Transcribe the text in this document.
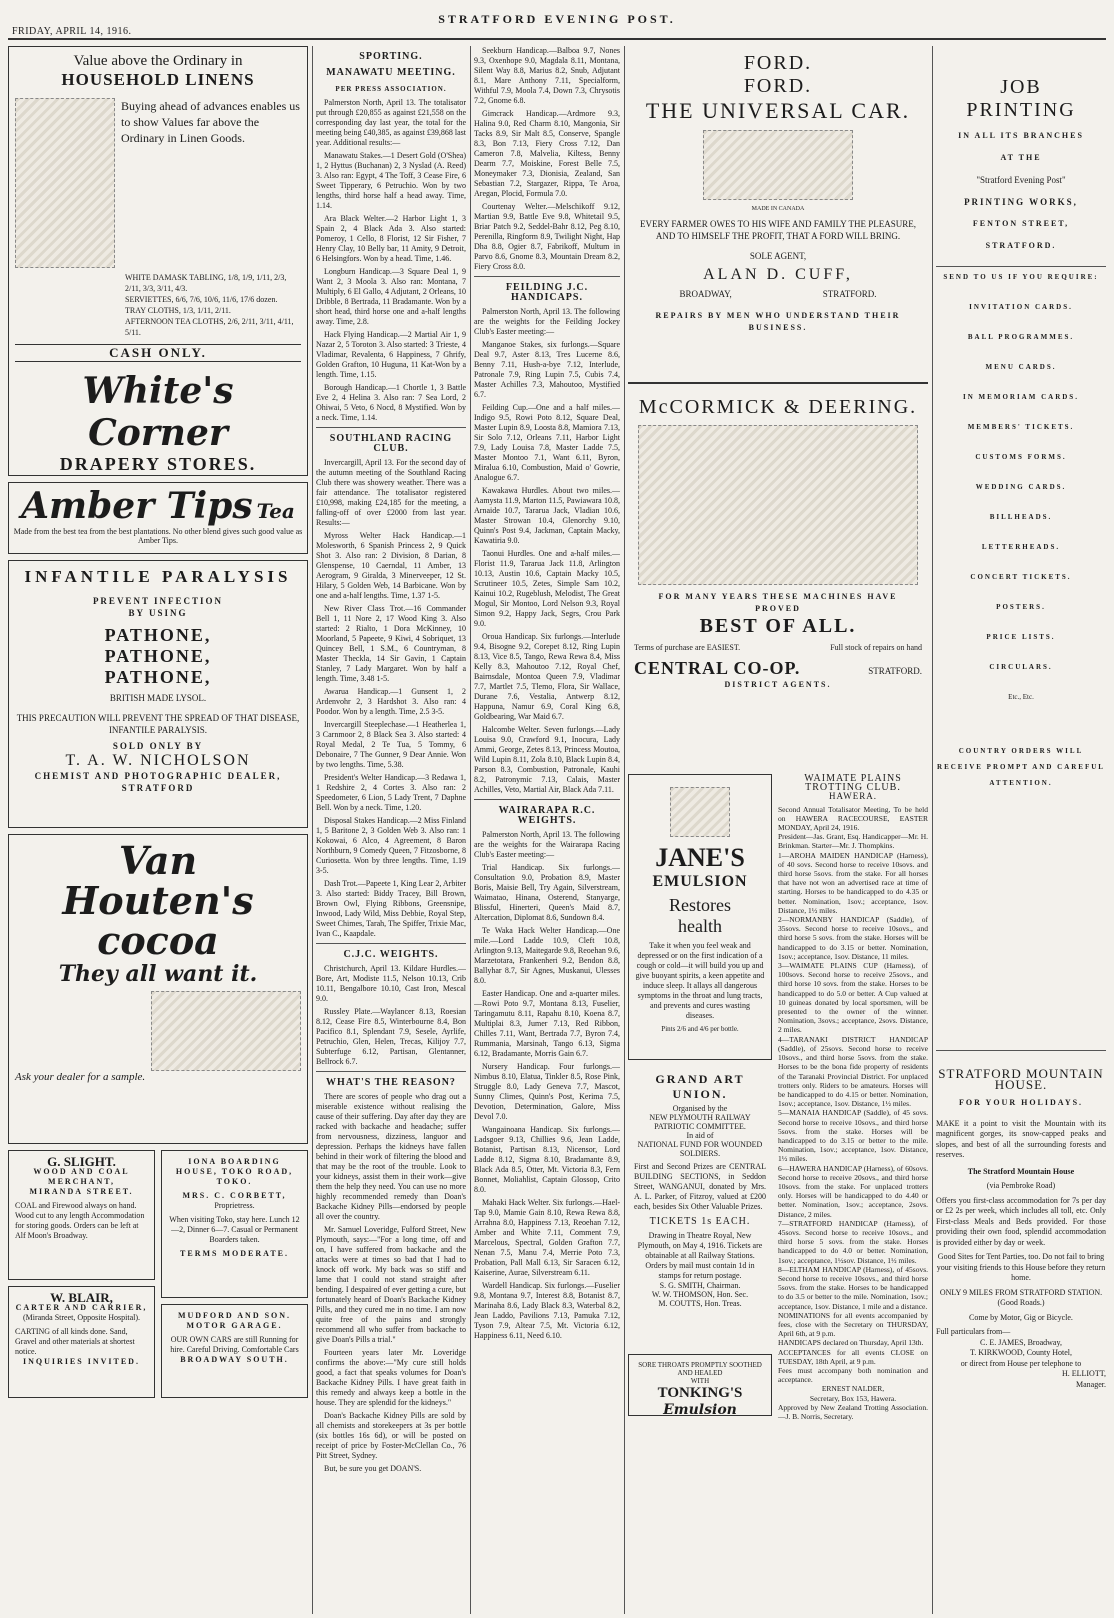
FRIDAY, APRIL 14, 1916.
STRATFORD EVENING POST.
Value above the Ordinary in
HOUSEHOLD LINENS
Buying ahead of advances enables us to show Values far above the Ordinary in Linen Goods.
WHITE DAMASK TABLING, 1/8, 1/9, 1/11, 2/3, 2/11, 3/3, 3/11, 4/3.
SERVIETTES, 6/6, 7/6, 10/6, 11/6, 17/6 dozen.
TRAY CLOTHS, 1/3, 1/11, 2/11.
AFTERNOON TEA CLOTHS, 2/6, 2/11, 3/11, 4/11, 5/11.
CASH ONLY.
White's Corner
DRAPERY STORES.
Amber Tips Tea
Made from the best tea from the best plantations. No other blend gives such good value as Amber Tips.
INFANTILE PARALYSIS
PREVENT INFECTION
BY USING
PATHONE,
PATHONE,
PATHONE,
BRITISH MADE LYSOL.
THIS PRECAUTION WILL PREVENT THE SPREAD OF THAT DISEASE, INFANTILE PARALYSIS.
SOLD ONLY BY
T. A. W. NICHOLSON
CHEMIST AND PHOTOGRAPHIC DEALER,
STRATFORD
Van
Houten's
cocoa
They all want it.
Ask your dealer for a sample.
G. SLIGHT.
WOOD AND COAL MERCHANT,
MIRANDA STREET.
COAL and Firewood always on hand. Wood cut to any length Accommodation for storing goods. Orders can be left at Alf Moon's Broadway.
W. BLAIR,
CARTER AND CARRIER,
(Miranda Street, Opposite Hospital).
CARTING of all kinds done. Sand, Gravel and other materials at shortest notice.
INQUIRIES INVITED.
IONA BOARDING HOUSE, TOKO ROAD, TOKO.
MRS. C. CORBETT,
Proprietress.
When visiting Toko, stay here. Lunch 12—2, Dinner 6—7. Casual or Permanent Boarders taken.
TERMS MODERATE.
MUDFORD AND SON.
MOTOR GARAGE.
OUR OWN CARS are still Running for hire. Careful Driving. Comfortable Cars
BROADWAY SOUTH.
SPORTING.
MANAWATU MEETING.
PER PRESS ASSOCIATION.

Palmerston North, April 13. The totalisator put through £20,855 as against £21,558 on the corresponding day last year, the total for the meeting being £40,385, as against £39,868 last year. Additional results:—

Manawatu Stakes.—1 Desert Gold (O'Shea) 1, 2 Hyttus (Buchanan) 2, 3 Nyslad (A. Reed) 3. Also ran: Egypt, 4 The Toff, 3 Cease Fire, 6 Sweet Tipperary, 6 Petruchio. Won by two lengths, third horse half a head away. Time, 1.14.

Ara Black Welter.—2 Harbor Light 1, 3 Spain 2, 4 Black Ada 3. Also started: Pomeroy, 1 Cello, 8 Florist, 12 Sir Fisher, 7 Henry Clay, 10 Belly bar, 11 Amity, 9 Detroit, 6 Helsingfors. Won by a head. Time, 1.46.

Longburn Handicap.—3 Square Deal 1, 9 Want 2, 3 Moola 3. Also ran: Montana, 7 Multiply, 6 El Gallo, 4 Adjutant, 2 Orleans, 10 Dribble, 8 Bertrada, 11 Bradamante. Won by a short head, third horse one and a-half lengths away. Time, 2.8.

Hack Flying Handicap.—2 Martial Air 1, 9 Nazar 2, 5 Toroton 3. Also started: 3 Trieste, 4 Vladimar, Revalenta, 6 Happiness, 7 Ghrify, Golden Grafton, 10 Huguna, 11 Kat-Won by a length. Time, 1.15.

Borough Handicap.—1 Chortle 1, 3 Battle Eve 2, 4 Helina 3. Also ran: 7 Sea Lord, 2 Ohiwai, 5 Veto, 6 Nocd, 8 Mystified. Won by a neck. Time, 1.14.

SOUTHLAND RACING CLUB.

Invercargill, April 13. For the second day of the autumn meeting of the Southland Racing Club there was showery weather. There was a fair attendance. The totalisator registered £10,998, making £24,185 for the meeting, a falling-off of over £2000 from last year. Results:—

Myross Welter Hack Handicap.—1 Molesworth, 6 Spanish Princess 2, 9 Quick Shot 3. Also ran: 2 Division, 8 Darian, 8 Glenspense, 10 Caerndal, 11 Amber, 13 Aerogram, 9 Giralda, 3 Minerveeper, 12 St. Hilary, 5 Golden Web, 14 Barbicane. Won by one and a-half lengths. Time, 1.37 1-5.

New River Class Trot.—16 Commander Bell 1, 11 Nore 2, 17 Wood King 3. Also started: 2 Rialto, 1 Dora McKinney, 10 Moorland, 5 Papeete, 9 Kiwi, 4 Sobriquet, 13 Quincey Bell, 1 S.M., 6 Countryman, 8 Master Theckla, 14 Sir Gavin, 1 Captain Stanley, 7 Lady Margaret. Won by half a length. Time, 3.48 1-5.

Awarua Handicap.—1 Gunsent 1, 2 Ardenvohr 2, 3 Hardshot 3. Also ran: 4 Poodor. Won by a length. Time, 2.5 3-5.

Invercargill Steeplechase.—1 Heatherlea 1, 3 Carnmoor 2, 8 Black Sea 3. Also started: 4 Royal Medal, 2 Te Tua, 5 Tommy, 6 Debonaire, 7 The Gunner, 9 Dear Annie. Won by two lengths. Time, 5.38.

President's Welter Handicap.—3 Redawa 1, 1 Redshire 2, 4 Cortes 3. Also ran: 2 Speedometer, 6 Lion, 5 Lady Trent, 7 Daphne Bell. Won by a neck. Time, 1.20.

Disposal Stakes Handicap.—2 Miss Finland 1, 5 Baritone 2, 3 Golden Web 3. Also ran: 1 Kokowai, 6 Alco, 4 Agreement, 8 Baron Northburn, 9 Comedy Queen, 7 Fitzosborne, 8 Curiosetta. Won by three lengths. Time, 1.19 3-5.

Dash Trot.—Papeete 1, King Lear 2, Arbiter 3. Also started: Biddy Tracey, Bill Brown, Brown Owl, Flying Ribbons, Greensnipe, Inwood, Lady Wild, Miss Debbie, Royal Step, Sweet Chimes, Tarah, The Spiffer, Trixie Mac, Ivan C., Kaapdale.

C.J.C. WEIGHTS.

Christchurch, April 13. Kildare Hurdles.—Bore, Art, Modiste 11.5, Nelson 10.13, Crib 10.11, Bengalbore 10.10, Cast Iron, Mescal 9.0.

Russley Plate.—Waylancer 8.13, Roesian 8.12, Cease Fire 8.5, Winterbourne 8.4, Bon Pacifico 8.1, Splendant 7.9, Sesele, Ayrlife, Petruchio, Glen, Helen, Trecas, Kilijoy 7.7, Subterfuge 6.12, Partisan, Glentanner, Bellrock 6.7.

WHAT'S THE REASON?

There are scores of people who drag out a miserable existence without realising the cause of their suffering. Day after day they are racked with backache and headache; suffer from nervousness, dizziness, languor and depression. Perhaps the kidneys have fallen behind in their work of filtering the blood and that may be the root of the trouble. Look to your kidneys, assist them in their work—give them the help they need. You can use no more highly recommended remedy than Doan's Backache Kidney Pills—endorsed by people all over the country.

Mr. Samuel Loveridge, Fulford Street, New Plymouth, says:—"For a long time, off and on, I have suffered from backache and the attacks were at times so bad that I had to knock off work. My back was so stiff and lame that I could not stand straight after bending. I despaired of ever getting a cure, but fortunately heard of Doan's Backache Kidney Pills, and they cured me in no time. I am now quite free of the pains and strongly recommend all who suffer from backache to give Doan's Pills a trial."

Fourteen years later Mr. Loveridge confirms the above:—"My cure still holds good, a fact that speaks volumes for Doan's Backache Kidney Pills. I have great faith in this remedy and always keep a bottle in the house. They are splendid for the kidneys."

Doan's Backache Kidney Pills are sold by all chemists and storekeepers at 3s per bottle (six bottles 16s 6d), or will be posted on receipt of price by Foster-McClellan Co., 76 Pitt Street, Sydney.

But, be sure you get DOAN'S.

Seekburn Handicap.—Balboa 9.7, Nones 9.3, Oxenhope 9.0, Magdala 8.11, Montana, Silent Way 8.8, Marius 8.2, Snub, Adjutant 8.1, Mare Anthony 7.11, Specialform, Withful 7.9, Moola 7.4, Down 7.3, Chrysotis 7.2, Gnome 6.8.

Gimcrack Handicap.—Ardmore 9.3, Halina 9.0, Red Charm 8.10, Mangonia, Sir Tacks 8.9, Sir Malt 8.5, Conserve, Spangle 8.3, Bon 7.13, Fiery Cross 7.12, Dan Cameron 7.8, Malvelia, Kiltess, Benny Dearm 7.7, Moiskine, Forest Belle 7.5, Moneymaker 7.3, Dionisia, Zealand, San Sebastian 7.2, Stargazer, Rippa, Te Aroa, Aregan, Plocid, Formula 7.0.

Courtenay Welter.—Melschikoff 9.12, Martian 9.9, Battle Eve 9.8, Whitetail 9.5, Briar Patch 9.2, Seddel-Bahr 8.12, Peg 8.10, Perenilla, Ringform 8.9, Twilight Night, Hap Dha 8.8, Ogier 8.7, Fabrikoff, Multum in Parvo 8.6, Gnome 8.3, Mountain Dream 8.2, Fiery Cross 8.0.

FEILDING J.C. HANDICAPS.

Palmerston North, April 13. The following are the weights for the Feilding Jockey Club's Easter meeting:—

Manganoe Stakes, six furlongs.—Square Deal 9.7, Aster 8.13, Tres Lucerne 8.6, Benny 7.11, Hush-a-bye 7.12, Interlude, Patronale 7.9, Ring Lupin 7.5, Cubis 7.4, Master Achilles 7.3, Mahoutoo, Mystified 6.7.

Feilding Cup.—One and a half miles.—Indigo 9.5, Rowi Poto 8.12, Square Deal, Master Lupin 8.9, Loosta 8.8, Mamiora 7.13, Sir Solo 7.12, Orleans 7.11, Harbor Light 7.9, Lady Louisa 7.8, Master Ladde 7.5, Master Montoo 7.1, Want 6.11, Byron, Miralua 6.10, Combustion, Maid o' Gowrie, Analogue 6.7.

Kawakawa Hurdles. About two miles.—Aamysta 11.9, Marton 11.5, Pawiawara 10.8, Arnaide 10.7, Tararua Jack, Vladian 10.6, Master Strowan 10.4, Glenorchy 9.10, Quinn's Post 9.4, Jackman, Captain Macky, Kawatiria 9.0.

Taonui Hurdles. One and a-half miles.—Florist 11.9, Tararua Jack 11.8, Arlington 10.13, Austin 10.6, Captain Macky 10.5, Scrutineer 10.5, Zetes, Simple Sam 10.2, Kainui 10.2, Rugeblush, Melodist, The Great Mogul, Sir Montoo, Lord Nelson 9.3, Royal Simon 9.2, Happy Jack, Segrs, Crou Park 9.0.

Oroua Handicap. Six furlongs.—Interlude 9.4, Bisogne 9.2, Corepet 8.12, Ring Lupin 8.13, Vice 8.5, Tango, Rewa Rewa 8.4, Miss Kelly 8.3, Mahoutoo 7.12, Royal Chef, Bairnsdale, Montoa Queen 7.9, Vladimar 7.7, Martlet 7.5, Tlemo, Flora, Sir Wallace, Durane 7.6, Vestalia, Antwerp 8.12, Happuna, Namur 6.9, Coral King 6.8, Goldbearing, War Maid 6.7.

Halcombe Welter. Seven furlongs.—Lady Louisa 9.0, Crawford 9.1, Inocura, Lady Ammi, George, Zetes 8.13, Princess Moutoa, Wild Lupin 8.11, Zola 8.10, Black Lupin 8.4, Parson 8.3, Combustion, Patronale, Kauhi 8.2, Patronymic 7.13, Calais, Master Achilles, Veto, Martial Air, Black Ada 7.11.

WAIRARAPA R.C. WEIGHTS.

Palmerston North, April 13. The following are the weights for the Wairarapa Racing Club's Easter meeting:—

Trial Handicap. Six furlongs.—Consultation 9.0, Probation 8.9, Master Boris, Maisie Bell, Try Again, Silverstream, Waimatao, Hinana, Osterend, Stanyarge, Blissful, Hinerteri, Queen's Maid 8.7, Altercation, Diplomat 8.6, Sundown 8.4.

Te Waka Hack Welter Handicap.—One mile.—Lord Ladde 10.9, Cleft 10.8, Arlington 9.13, Maitegarde 9.8, Reoehan 9.6, Marzetotara, Frankenheri 9.2, Bendon 8.8, Ballyhar 8.7, Sir Agnes, Muskanui, Ulesses 8.0.

Easter Handicap. One and a-quarter miles.—Rowi Poto 9.7, Montana 8.13, Fuselier, Taringamutu 8.11, Rapahu 8.10, Koena 8.7, Multiplai 8.3, Jumer 7.13, Red Ribbon, Chilles 7.11, Want, Bertrada 7.7, Byron 7.4, Rummania, Marsinah, Tango 6.13, Sigma 6.12, Bradamante, Morris Gain 6.7.

Nursery Handicap. Four furlongs.—Nimbus 8.10, Elatua, Tinkler 8.5, Rose Pink, Struggle 8.0, Lady Geneva 7.7, Mascot, Sunny Climes, Quinn's Post, Kerima 7.5, Devotion, Determination, Galore, Miss Devol 7.0.

Wangainoana Handicap. Six furlongs.—Ladsgoer 9.13, Chillies 9.6, Jean Ladde, Botanist, Partisan 8.13, Nicensor, Lord Ladde 8.12, Sigma 8.10, Bradamante 8.9, Black Ada 8.5, Otter, Mt. Victoria 8.3, Fern Bonnet, Moliahlist, Captain Glossop, Crito 8.0.

Mahaki Hack Welter. Six furlongs.—Hael-Tap 9.0, Mamie Gain 8.10, Rewa Rewa 8.8, Arrahna 8.0, Happiness 7.13, Reoehan 7.12, Amber and White 7.11, Comment 7.9, Marcelous, Spectral, Golden Grafton 7.7, Nenan 7.5, Manu 7.4, Merrie Poto 7.3, Probation, Pall Mall 6.13, Sir Saracen 6.12, Kaiserine, Aurae, Silverstream 6.11.

Wardell Handicap. Six furlongs.—Fuselier 9.8, Montana 9.7, Interest 8.8, Botanist 8.7, Marinaha 8.6, Lady Black 8.3, Waterbal 8.2, Jean Laddo, Pavilions 7.13, Pamuka 7.12, Tyson 7.9, Altear 7.5, Mt. Victoria 6.12, Happiness 6.11, Need 6.10.

FORD.
FORD.
THE UNIVERSAL CAR.
MADE IN CANADA
EVERY FARMER OWES TO HIS WIFE AND FAMILY THE PLEASURE, AND TO HIMSELF THE PROFIT, THAT A FORD WILL BRING.
SOLE AGENT,
ALAN D. CUFF,
BROADWAY,	STRATFORD.
REPAIRS BY MEN WHO UNDERSTAND THEIR BUSINESS.
McCORMICK & DEERING.
FOR MANY YEARS THESE MACHINES HAVE PROVED
BEST OF ALL.
Terms of purchase are EASIEST.	Full stock of repairs on hand
CENTRAL CO-OP.	STRATFORD.
DISTRICT AGENTS.
JANE'S
EMULSION
Restores
health
Take it when you feel weak and depressed or on the first indication of a cough or cold—it will build you up and give buoyant spirits, a keen appetite and induce sleep. It allays all dangerous symptoms in the throat and lung tracts, and prevents and cures wasting diseases.
Pints 2/6 and 4/6 per bottle.
GRAND ART UNION.
Organised by the
NEW PLYMOUTH RAILWAY PATRIOTIC COMMITTEE.
In aid of
NATIONAL FUND FOR WOUNDED SOLDIERS.
First and Second Prizes are CENTRAL BUILDING SECTIONS, in Seddon Street, WANGANUI, donated by Mrs. A. L. Parker, of Fitzroy, valued at £200 each, besides Six Other Valuable Prizes.
TICKETS 1s EACH.
Drawing in Theatre Royal, New Plymouth, on May 4, 1916. Tickets are obtainable at all Railway Stations. Orders by mail must contain 1d in stamps for return postage.
S. G. SMITH, Chairman.
W. W. THOMSON, Hon. Sec.
M. COUTTS, Hon. Treas.
SORE THROATS PROMPTLY SOOTHED AND HEALED
WITH
TONKING'S
Emulsion
WAIMATE PLAINS TROTTING CLUB.
HAWERA.

Second Annual Totalisator Meeting, To be held on HAWERA RACECOURSE, EASTER MONDAY, April 24, 1916.

President—Jas. Grant, Esq. Handicapper—Mr. H. Brinkman. Starter—Mr. J. Thompkins.

1—AROHA MAIDEN HANDICAP (Harness), of 40 sovs. Second horse to receive 10sovs. and third horse 5sovs. from the stake. For all horses that have not won an advertised race at time of starting. Horses to be handicapped to do 4.35 or better. Nomination, 1sov.; acceptance, 1sov. Distance, 1½ miles.

2—NORMANBY HANDICAP (Saddle), of 35sovs. Second horse to receive 10sovs., and third horse 5 sovs. from the stake. Horses will be handicapped to do 3.15 or better. Nomination, 1sov.; acceptance, 1sov. Distance, 11 miles.

3—WAIMATE PLAINS CUP (Harness), of 100sovs. Second horse to receive 25sovs., and third horse 10 sovs. from the stake. Horses to be handicapped to do 5.0 or better. A Cup valued at 10 guineas donated by local sportsmen, will be presented to the owner of the winner. Nomination, 3sovs.; acceptance, 2sovs. Distance, 2 miles.

4—TARANAKI DISTRICT HANDICAP (Saddle), of 25sovs. Second horse to receive 10sovs., and third horse 5sovs. from the stake. Horses to be the bona fide property of residents of the Taranaki Provincial District. For unplaced trotters only. Riders to be amateurs. Horses will be handicapped to do 4.15 or better. Nomination, 1sov.; acceptance, 1sov. Distance, 1½ miles.

5—MANAIA HANDICAP (Saddle), of 45 sovs. Second horse to receive 10sovs., and third horse 5sovs. from the stake. Horses will be handicapped to do 3.15 or better to the mile. Nomination, 1sov.; acceptance, 1sov. Distance, 1½ miles.

6—HAWERA HANDICAP (Harness), of 60sovs. Second horse to receive 20sovs., and third horse 10sovs. from the stake. For unplaced trotters only. Horses will be handicapped to do 4.40 or better. Nomination, 1sov.; acceptance, 2sovs. Distance, 2 miles.

7—STRATFORD HANDICAP (Harness), of 45sovs. Second horse to receive 10sovs., and third horse 5 sovs. from the stake. Horses handicapped to do 4.0 or better. Nomination, 1sov.; acceptance, 1½sov. Distance, 1½ miles.

8—ELTHAM HANDICAP (Harness), of 45sovs. Second horse to receive 10sovs., and third horse 5sovs. from the stake. Horses to be handicapped to do 3.5 or better to the mile. Nomination, 1sov.; acceptance, 1sov. Distance, 1 mile and a distance.

NOMINATIONS for all events accompanied by fees, close with the Secretary on THURSDAY, April 6th, at 9 p.m.

HANDICAPS declared on Thursday, April 13th.

ACCEPTANCES for all events CLOSE on TUESDAY, 18th April, at 9 p.m.

Fees must accompany both nomination and acceptance.

ERNEST NALDER,
Secretary, Box 153, Hawera.
Approved by New Zealand Trotting Association.—J. B. Norris, Secretary.
JOB
PRINTING
IN ALL ITS BRANCHES
AT THE
"Stratford Evening Post"
PRINTING WORKS,
FENTON STREET,
STRATFORD.
SEND TO US IF YOU REQUIRE:
INVITATION CARDS.
BALL PROGRAMMES.
MENU CARDS.
IN MEMORIAM CARDS.
MEMBERS' TICKETS.
CUSTOMS FORMS.
WEDDING CARDS.
BILLHEADS.
LETTERHEADS.
CONCERT TICKETS.
POSTERS.
PRICE LISTS.
CIRCULARS.
Etc., Etc.
COUNTRY ORDERS WILL RECEIVE PROMPT AND CAREFUL ATTENTION.
STRATFORD MOUNTAIN HOUSE.
FOR YOUR HOLIDAYS.
MAKE it a point to visit the Mountain with its magnificent gorges, its snow-capped peaks and slopes, and best of all the surrounding forests and reserves.
The Stratford Mountain House
(via Pembroke Road)
Offers you first-class accommodation for 7s per day or £2 2s per week, which includes all toll, etc. Only First-class Meals and Beds provided. For those providing their own food, splendid accommodation is provided either by day or week.
Good Sites for Tent Parties, too. Do not fail to bring your visiting friends to this House before they return home.
ONLY 9 MILES FROM STRATFORD STATION. (Good Roads.)
Come by Motor, Gig or Bicycle.
Full particulars from—
C. E. JAMES, Broadway,
T. KIRKWOOD, County Hotel,
or direct from House per telephone to
H. ELLIOTT,
Manager.
